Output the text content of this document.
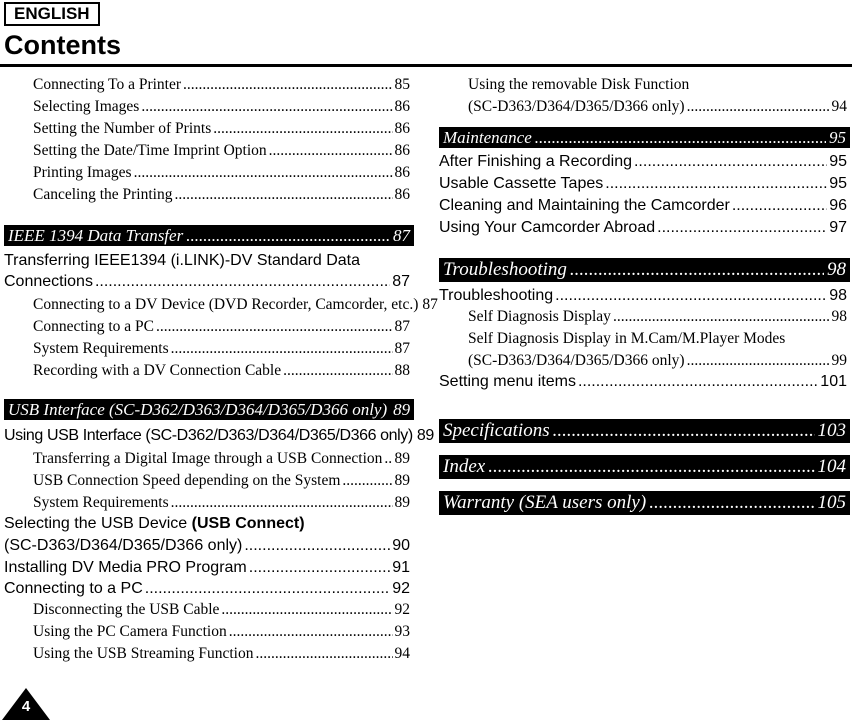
ENGLISH
Contents
Connecting To a Printer .....	85
Selecting Images .....	86
Setting the Number of Prints .....	86
Setting the Date/Time Imprint Option .....	86
Printing Images .....	86
Canceling the Printing .....	86
IEEE 1394 Data Transfer .....	87
Transferring IEEE1394 (i.LINK)-DV Standard Data
Connections .....	87
Connecting to a DV Device (DVD Recorder, Camcorder, etc.) 87
Connecting to a PC .....	87
System Requirements .....	87
Recording with a DV Connection Cable .....	88
USB Interface (SC-D362/D363/D364/D365/D366 only) 89
Using USB Interface (SC-D362/D363/D364/D365/D366 only) 89
Transferring a Digital Image through a USB Connection ..... 89
USB Connection Speed depending on the System .....	89
System Requirements .....	89
Selecting the USB Device (USB Connect)
(SC-D363/D364/D365/D366 only) .....	90
Installing DV Media PRO Program .....	91
Connecting to a PC .....	92
Disconnecting the USB Cable .....	92
Using the PC Camera Function .....	93
Using the USB Streaming Function .....	94
Using the removable Disk Function
(SC-D363/D364/D365/D366 only) .....	94
Maintenance .....	95
After Finishing a Recording .....	95
Usable Cassette Tapes .....	95
Cleaning and Maintaining the Camcorder .....	96
Using Your Camcorder Abroad .....	97
Troubleshooting .....	98
Troubleshooting .....	98
Self Diagnosis Display .....	98
Self Diagnosis Display in M.Cam/M.Player Modes
(SC-D363/D364/D365/D366 only) .....	99
Setting menu items .....	101
Specifications .....	103
Index .....	104
Warranty (SEA users only) .....	105
4
